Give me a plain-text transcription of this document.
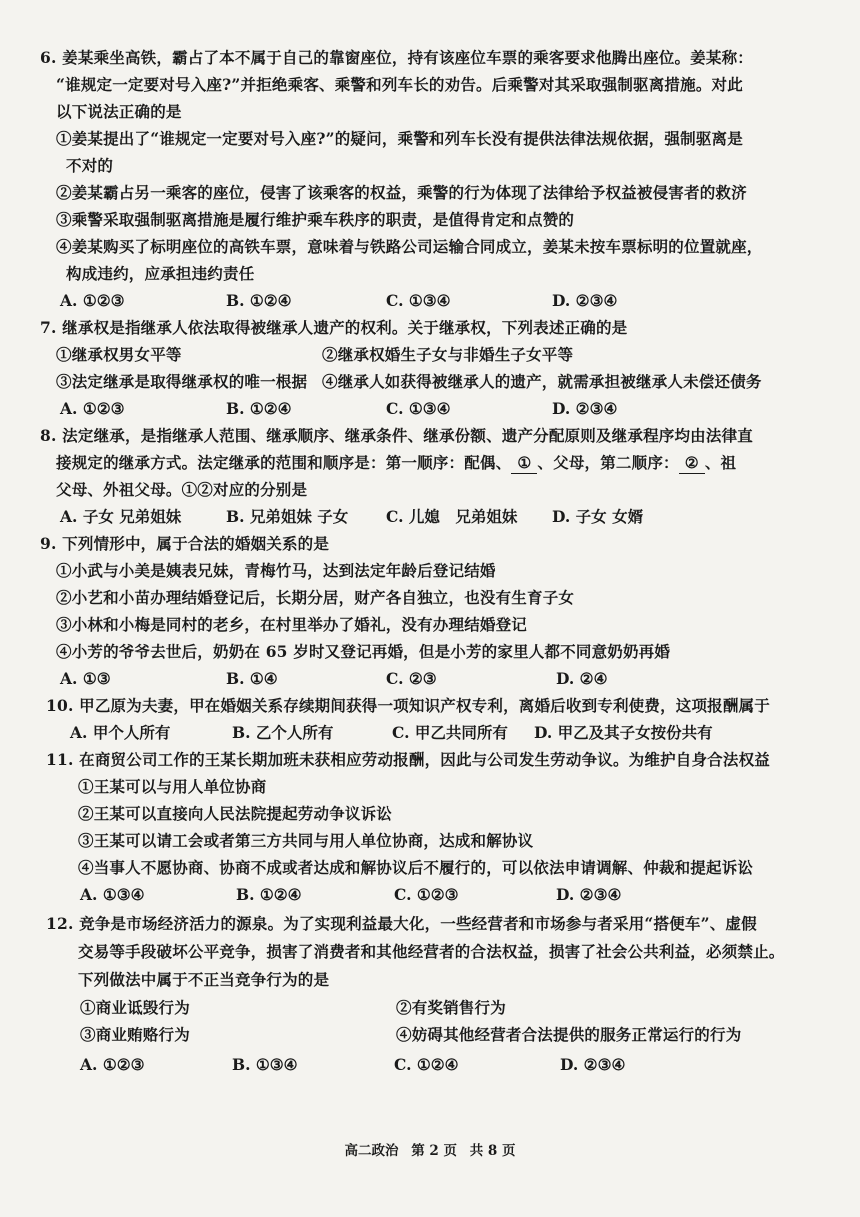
6. 姜某乘坐高铁，霸占了本不属于自己的靠窗座位，持有该座位车票的乘客要求他腾出座位。姜某称：
“谁规定一定要对号入座?”并拒绝乘客、乘警和列车长的劝告。后乘警对其采取强制驱离措施。对此
以下说法正确的是
①姜某提出了“谁规定一定要对号入座?”的疑问，乘警和列车长没有提供法律法规依据，强制驱离是
不对的
②姜某霸占另一乘客的座位，侵害了该乘客的权益，乘警的行为体现了法律给予权益被侵害者的救济
③乘警采取强制驱离措施是履行维护乘车秩序的职责，是值得肯定和点赞的
④姜某购买了标明座位的高铁车票，意味着与铁路公司运输合同成立，姜某未按车票标明的位置就座，
构成违约，应承担违约责任
A. ①②③	B. ①②④	C. ①③④	D. ②③④
7. 继承权是指继承人依法取得被继承人遗产的权利。关于继承权，下列表述正确的是
①继承权男女平等	②继承权婚生子女与非婚生子女平等
③法定继承是取得继承权的唯一根据 ④继承人如获得被继承人的遗产，就需承担被继承人未偿还债务
A. ①②③	B. ①②④	C. ①③④	D. ②③④
8. 法定继承，是指继承人范围、继承顺序、继承条件、继承份额、遗产分配原则及继承程序均由法律直
接规定的继承方式。法定继承的范围和顺序是：第一顺序：配偶、 ① 、父母，第二顺序： ② 、祖
父母、外祖父母。①②对应的分别是
A. 子女 兄弟姐妹	B. 兄弟姐妹 子女 C. 儿媳　兄弟姐妹 D. 子女 女婿
9. 下列情形中，属于合法的婚姻关系的是
①小武与小美是姨表兄妹，青梅竹马，达到法定年龄后登记结婚
②小艺和小苗办理结婚登记后，长期分居，财产各自独立，也没有生育子女
③小林和小梅是同村的老乡，在村里举办了婚礼，没有办理结婚登记
④小芳的爷爷去世后，奶奶在 65 岁时又登记再婚，但是小芳的家里人都不同意奶奶再婚
A. ①③	B. ①④	C. ②③	D. ②④
10. 甲乙原为夫妻，甲在婚姻关系存续期间获得一项知识产权专利，离婚后收到专利使费，这项报酬属于
A. 甲个人所有	B. 乙个人所有	C. 甲乙共同所有 D. 甲乙及其子女按份共有
11. 在商贸公司工作的王某长期加班未获相应劳动报酬，因此与公司发生劳动争议。为维护自身合法权益
①王某可以与用人单位协商
②王某可以直接向人民法院提起劳动争议诉讼
③王某可以请工会或者第三方共同与用人单位协商，达成和解协议
④当事人不愿协商、协商不成或者达成和解协议后不履行的，可以依法申请调解、仲裁和提起诉讼
A. ①③④	B. ①②④	C. ①②③	D. ②③④
12. 竞争是市场经济活力的源泉。为了实现利益最大化，一些经营者和市场参与者采用“搭便车”、虚假
交易等手段破坏公平竞争，损害了消费者和其他经营者的合法权益，损害了社会公共利益，必须禁止。
下列做法中属于不正当竞争行为的是
①商业诋毁行为	②有奖销售行为
③商业贿赂行为	④妨碍其他经营者合法提供的服务正常运行的行为
A. ①②③	B. ①③④	C. ①②④	D. ②③④
高二政治 第 2 页 共 8 页
